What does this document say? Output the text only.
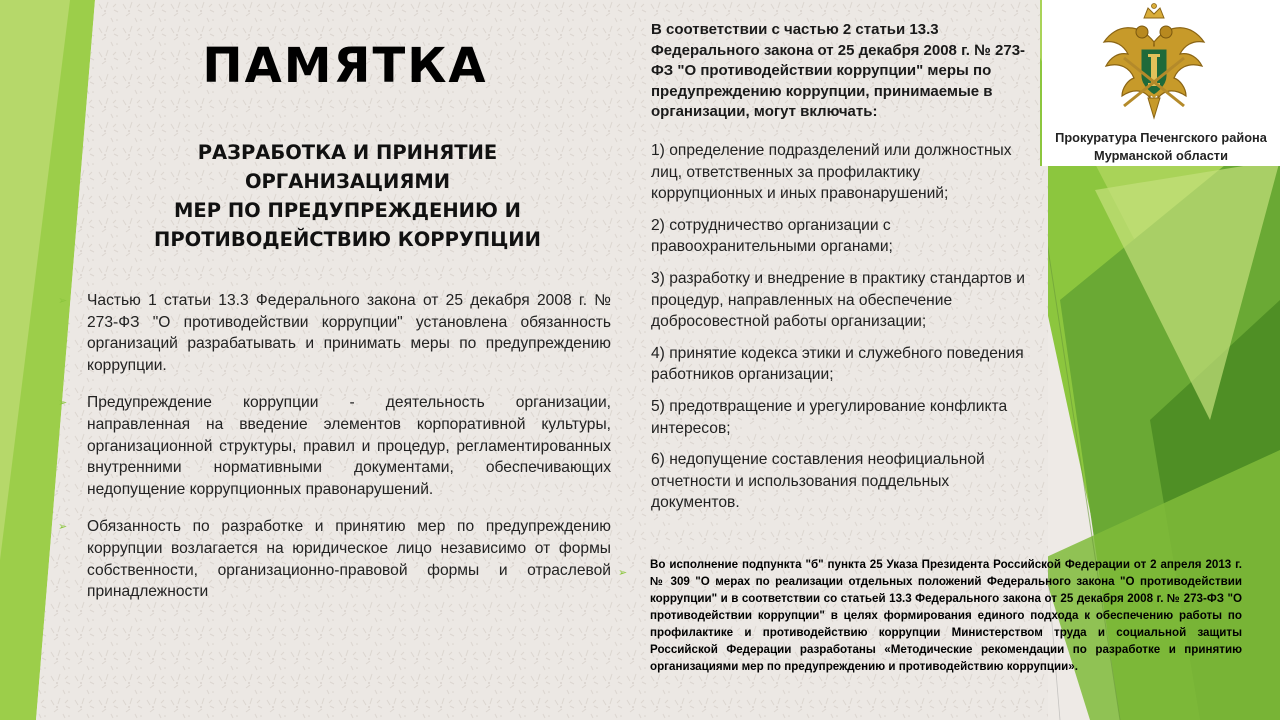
ПАМЯТКА
РАЗРАБОТКА И ПРИНЯТИЕ ОРГАНИЗАЦИЯМИ
МЕР ПО ПРЕДУПРЕЖДЕНИЮ И
ПРОТИВОДЕЙСТВИЮ КОРРУПЦИИ
➢ Частью 1 статьи 13.3 Федерального закона от 25 декабря 2008 г. № 273-ФЗ "О противодействии коррупции" установлена обязанность организаций разрабатывать и принимать меры по предупреждению коррупции.
➢ Предупреждение коррупции - деятельность организации, направленная на введение элементов корпоративной культуры, организационной структуры, правил и процедур, регламентированных внутренними нормативными документами, обеспечивающих недопущение коррупционных правонарушений.
➢ Обязанность по разработке и принятию мер по предупреждению коррупции возлагается на юридическое лицо независимо от формы собственности, организационно-правовой формы и отраслевой принадлежности

В соответствии с частью 2 статьи 13.3 Федерального закона от 25 декабря 2008 г. № 273-ФЗ "О противодействии коррупции" меры по предупреждению коррупции, принимаемые в организации, могут включать:

1) определение подразделений или должностных лиц, ответственных за профилактику коррупционных и иных правонарушений;
2) сотрудничество организации с правоохранительными органами;
3) разработку и внедрение в практику стандартов и процедур, направленных на обеспечение добросовестной работы организации;
4) принятие кодекса этики и служебного поведения работников организации;
5) предотвращение и урегулирование конфликта интересов;
6) недопущение составления неофициальной отчетности и использования поддельных документов.
➢

Во исполнение подпункта "б" пункта 25 Указа Президента Российской Федерации от 2 апреля 2013 г. № 309 "О мерах по реализации отдельных положений Федерального закона "О противодействии коррупции" и в соответствии со статьей 13.3 Федерального закона от 25 декабря 2008 г. № 273-ФЗ "О противодействии коррупции" в целях формирования единого подхода к обеспечению работы по профилактике и противодействию коррупции Министерством труда и социальной защиты Российской Федерации разработаны «Методические рекомендации по разработке и принятию организациями мер по предупреждению и противодействию коррупции».

Прокуратура Печенгского района
Мурманской области
